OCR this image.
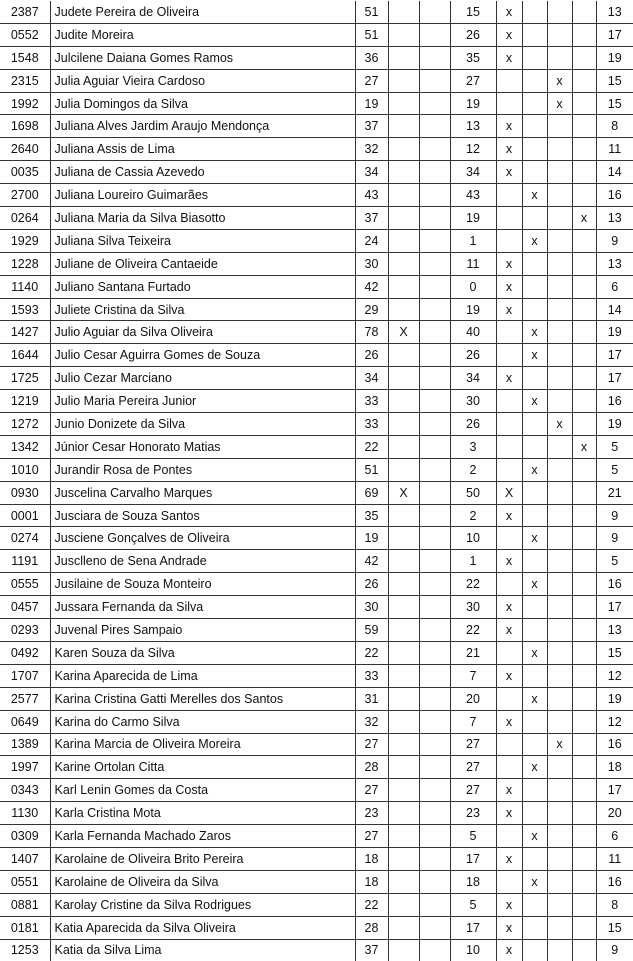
2387	Judete Pereira de Oliveira	51			15	x				13
0552	Judite Moreira	51			26	x				17
1548	Julcilene Daiana Gomes Ramos	36			35	x				19
2315	Julia Aguiar Vieira Cardoso	27			27			x		15
1992	Julia Domingos da Silva	19			19			x		15
1698	Juliana Alves Jardim Araujo Mendonça	37			13	x				8
2640	Juliana Assis de Lima	32			12	x				11
0035	Juliana de Cassia Azevedo	34			34	x				14
2700	Juliana Loureiro Guimarães	43			43		x			16
0264	Juliana Maria da Silva Biasotto	37			19				x	13
1929	Juliana Silva Teixeira	24			1		x			9
1228	Juliane de Oliveira Cantaeide	30			11	x				13
1140	Juliano Santana Furtado	42			0	x				6
1593	Juliete Cristina da Silva	29			19	x				14
1427	Julio Aguiar da Silva Oliveira	78	X		40		x			19
1644	Julio Cesar Aguirra Gomes de Souza	26			26		x			17
1725	Julio Cezar Marciano	34			34	x				17
1219	Julio Maria Pereira Junior	33			30		x			16
1272	Junio Donizete da Silva	33			26			x		19
1342	Júnior Cesar Honorato Matias	22			3				x	5
1010	Jurandir Rosa de Pontes	51			2		x			5
0930	Juscelina Carvalho Marques	69	X		50	X				21
0001	Jusciara de Souza Santos	35			2	x				9
0274	Jusciene Gonçalves de Oliveira	19			10		x			9
1191	Jusclleno de Sena Andrade	42			1	x				5
0555	Jusilaine de Souza Monteiro	26			22		x			16
0457	Jussara Fernanda da Silva	30			30	x				17
0293	Juvenal Pires Sampaio	59			22	x				13
0492	Karen Souza da Silva	22			21		x			15
1707	Karina Aparecida de Lima	33			7	x				12
2577	Karina Cristina Gatti Merelles dos Santos	31			20		x			19
0649	Karina do Carmo Silva	32			7	x				12
1389	Karina Marcia de Oliveira Moreira	27			27			x		16
1997	Karine Ortolan Citta	28			27		x			18
0343	Karl Lenin Gomes da Costa	27			27	x				17
1130	Karla Cristina Mota	23			23	x				20
0309	Karla Fernanda Machado Zaros	27			5		x			6
1407	Karolaine de Oliveira Brito Pereira	18			17	x				11
0551	Karolaine de Oliveira da Silva	18			18		x			16
0881	Karolay Cristine da Silva Rodrigues	22			5	x				8
0181	Katia Aparecida da Silva Oliveira	28			17	x				15
1253	Katia da Silva Lima	37			10	x				9
